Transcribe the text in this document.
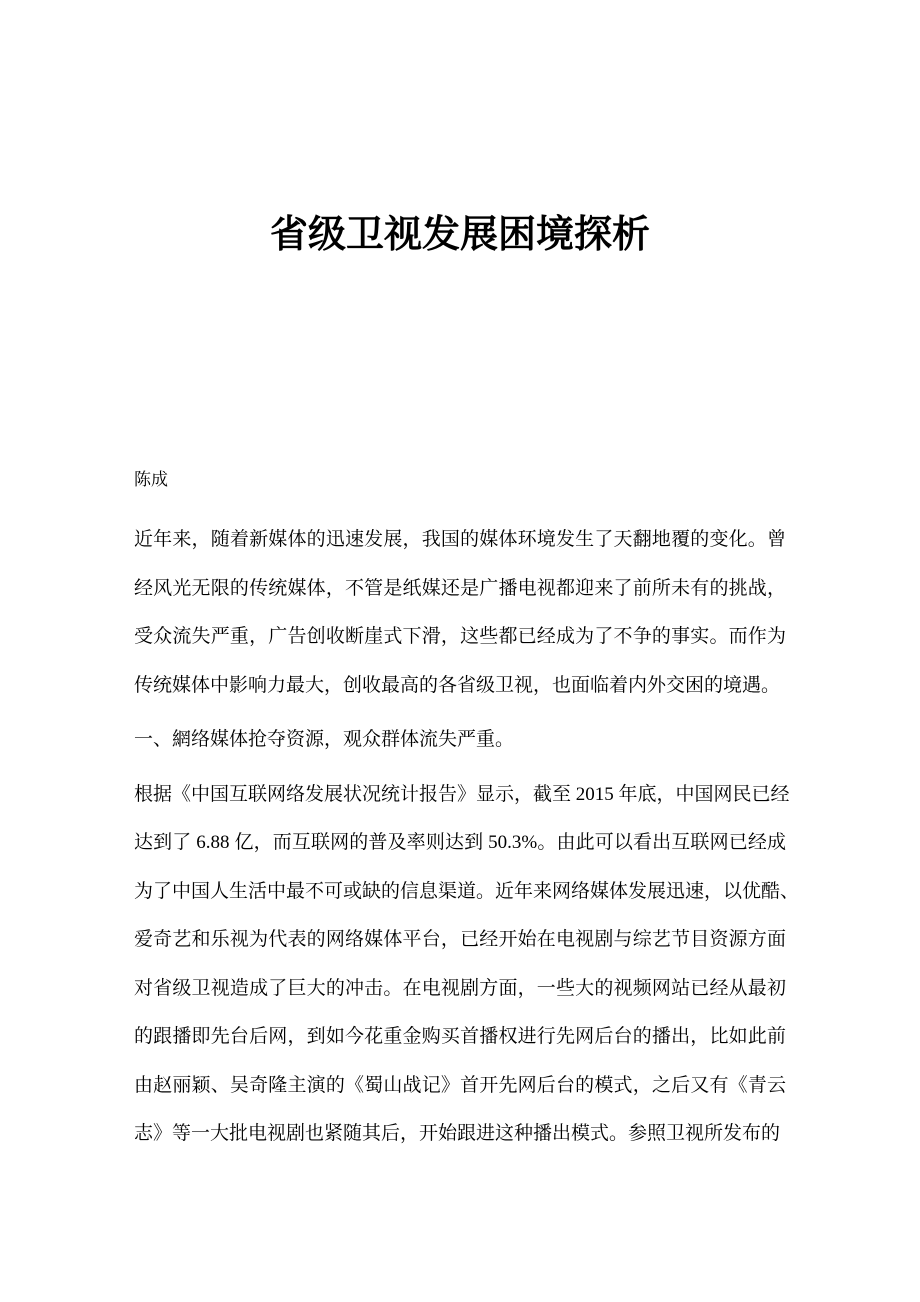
省级卫视发展困境探析
陈成
近年来，随着新媒体的迅速发展，我国的媒体环境发生了天翻地覆的变化。曾
经风光无限的传统媒体，不管是纸媒还是广播电视都迎来了前所未有的挑战，
受众流失严重，广告创收断崖式下滑，这些都已经成为了不争的事实。而作为
传统媒体中影响力最大，创收最高的各省级卫视，也面临着内外交困的境遇。
一、網络媒体抢夺资源，观众群体流失严重。
根据《中国互联网络发展状况统计报告》显示，截至 2015 年底，中国网民已经
达到了 6.88 亿，而互联网的普及率则达到 50.3%。由此可以看出互联网已经成
为了中国人生活中最不可或缺的信息渠道。近年来网络媒体发展迅速，以优酷、
爱奇艺和乐视为代表的网络媒体平台，已经开始在电视剧与综艺节目资源方面
对省级卫视造成了巨大的冲击。在电视剧方面，一些大的视频网站已经从最初
的跟播即先台后网，到如今花重金购买首播权进行先网后台的播出，比如此前
由赵丽颖、吴奇隆主演的《蜀山战记》首开先网后台的模式，之后又有《青云
志》等一大批电视剧也紧随其后，开始跟进这种播出模式。参照卫视所发布的
